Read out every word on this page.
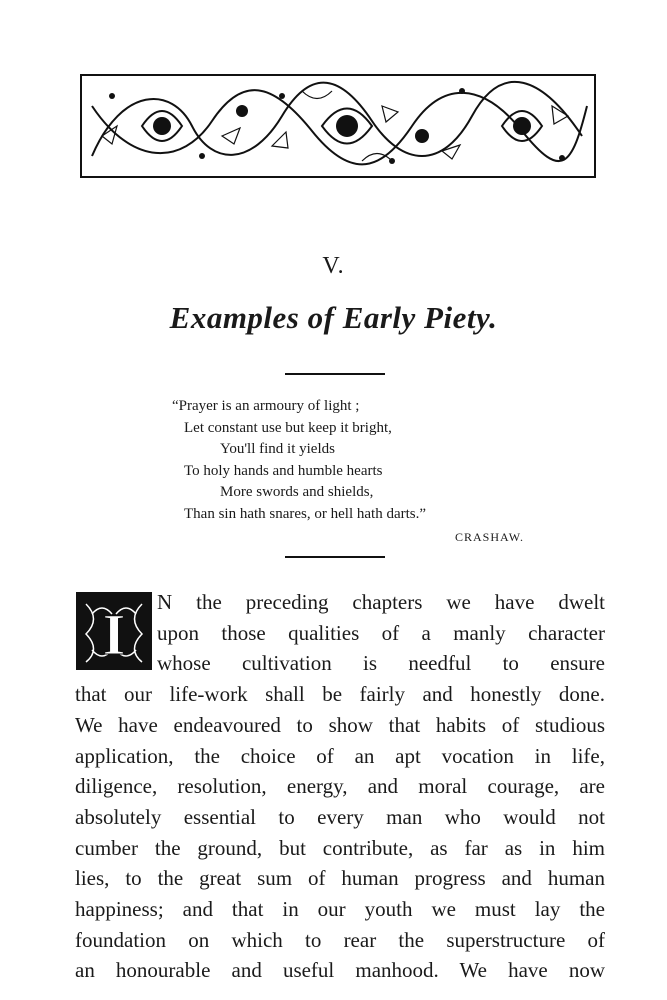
V.
Examples of Early Piety.
“Prayer is an armoury of light ;
Let constant use but keep it bright,
You'll find it yields
To holy hands and humble hearts
More swords and shields,
Than sin hath snares, or hell hath darts.”
CRASHAW.
I	N the preceding chapters we have dwelt
upon those qualities of a manly character
whose cultivation is needful to ensure
that our life-work shall be fairly and honestly done.
We have endeavoured to show that habits of studious
application, the choice of an apt vocation in life,
diligence, resolution, energy, and moral courage, are
absolutely essential to every man who would not
cumber the ground, but contribute, as far as in him
lies, to the great sum of human progress and human
happiness; and that in our youth we must lay the
foundation on which to rear the superstructure of
an honourable and useful manhood. We have now
